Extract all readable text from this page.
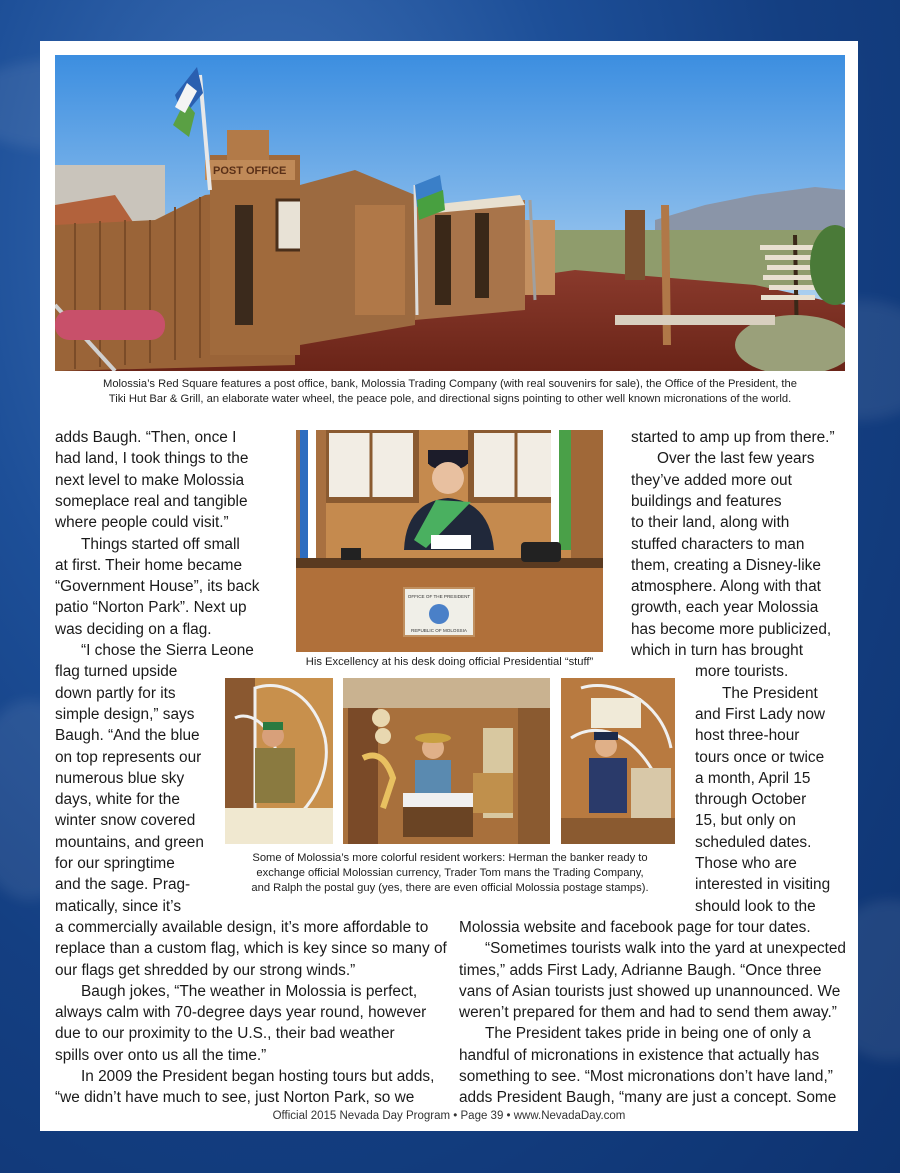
POST OFFICE
Molossia’s Red Square features a post office, bank, Molossia Trading Company (with real souvenirs for sale), the Office of the President, the
Tiki Hut Bar & Grill, an elaborate water wheel, the peace pole, and directional signs pointing to other well known micronations of the world.
OFFICE OF THE PRESIDENT
REPUBLIC OF MOLOSSIA
His Excellency at his desk doing official Presidential “stuff”
Some of Molossia’s more colorful resident workers: Herman the banker ready to
exchange official Molossian currency, Trader Tom mans the Trading Company,
and Ralph the postal guy (yes, there are even official Molossia postage stamps).
adds Baugh. “Then, once I
had land, I took things to the
next level to make Molossia
someplace real and tangible
where people could visit.”
Things started off small
at first. Their home became
“Government House”, its back
patio “Norton Park”. Next up
was deciding on a flag.
“I chose the Sierra Leone
flag turned upside
down partly for its
simple design,” says
Baugh. “And the blue
on top represents our
numerous blue sky
days, white for the
winter snow covered
mountains, and green
for our springtime
and the sage. Prag-
matically, since it’s
a commercially available design, it’s more affordable to
replace than a custom flag, which is key since so many of
our flags get shredded by our strong winds.”
Baugh jokes, “The weather in Molossia is perfect,
always calm with 70-degree days year round, however
due to our proximity to the U.S., their bad weather
spills over onto us all the time.”
In 2009 the President began hosting tours but adds,
“we didn’t have much to see, just Norton Park, so we
started to amp up from there.”
Over the last few years
they’ve added more out
buildings and features
to their land, along with
stuffed characters to man
them, creating a Disney-like
atmosphere. Along with that
growth, each year Molossia
has become more publicized,
which in turn has brought
more tourists.
The President
and First Lady now
host three-hour
tours once or twice
a month, April 15
through October
15, but only on
scheduled dates.
Those who are
interested in visiting
should look to the
Molossia website and facebook page for tour dates.
“Sometimes tourists walk into the yard at unexpected
times,” adds First Lady, Adrianne Baugh. “Once three
vans of Asian tourists just showed up unannounced. We
weren’t prepared for them and had to send them away.”
The President takes pride in being one of only a
handful of micronations in existence that actually has
something to see. “Most micronations don’t have land,”
adds President Baugh, “many are just a concept. Some
Official 2015 Nevada Day Program • Page 39 • www.NevadaDay.com
